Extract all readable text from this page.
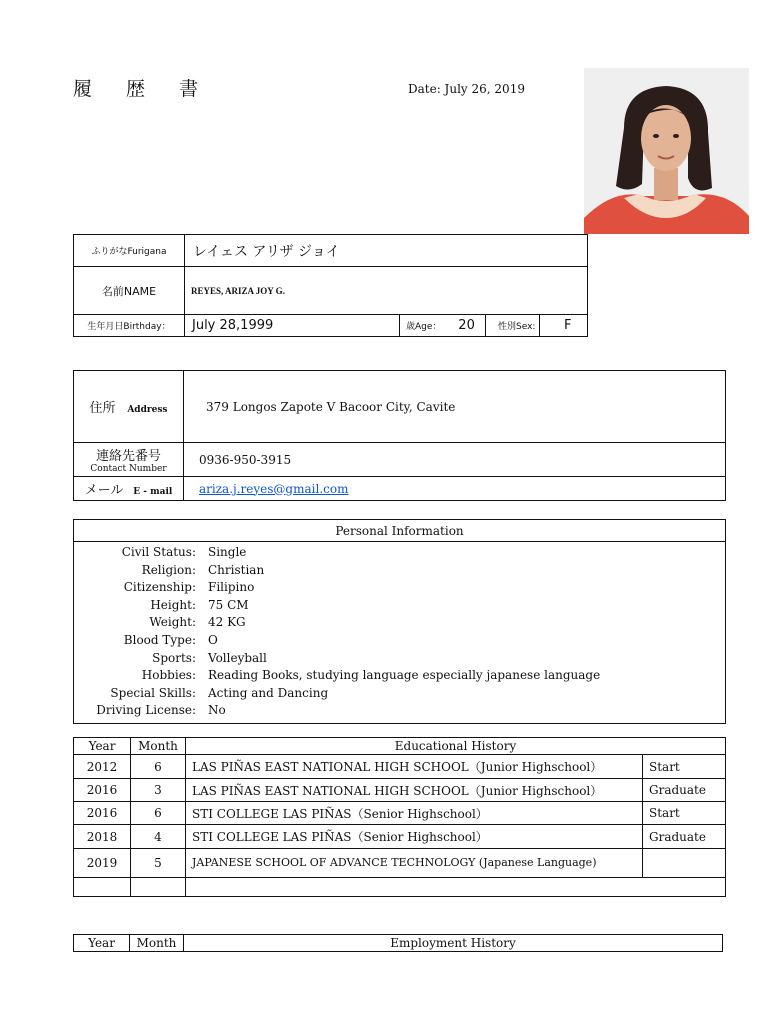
履 歴 書	Date: July 26, 2019
ふりがなFurigana	レイェス アリザ ジョイ			
名前NAME	REYES, ARIZA JOY G.			
生年月日Birthday：	July 28,1999	歳Age： 20	性別Sex:	F
住所 Address	379 Longos Zapote V Bacoor City, Cavite

連絡先番号
Contact Number	0936-950-3915
メール E - mail	ariza.j.reyes@gmail.com
Personal Information

Civil Status:	Single
Religion:	Christian
Citizenship:	Filipino
Height:	75 CM
Weight:	42 KG
Blood Type:	O
Sports:	Volleyball
Hobbies:	Reading Books, studying language especially japanese language
Special Skills:	Acting and Dancing
Driving License:	No
Year	Month	Educational History	
2012	6	LAS PIÑAS EAST NATIONAL HIGH SCHOOL（Junior Highschool）	Start
2016	3	LAS PIÑAS EAST NATIONAL HIGH SCHOOL（Junior Highschool）	Graduate
2016	6	STI COLLEGE LAS PIÑAS（Senior Highschool）	Start
2018	4	STI COLLEGE LAS PIÑAS（Senior Highschool）	Graduate
2019	5	JAPANESE SCHOOL OF ADVANCE TECHNOLOGY (Japanese Language)	

Year	Month	Employment History
